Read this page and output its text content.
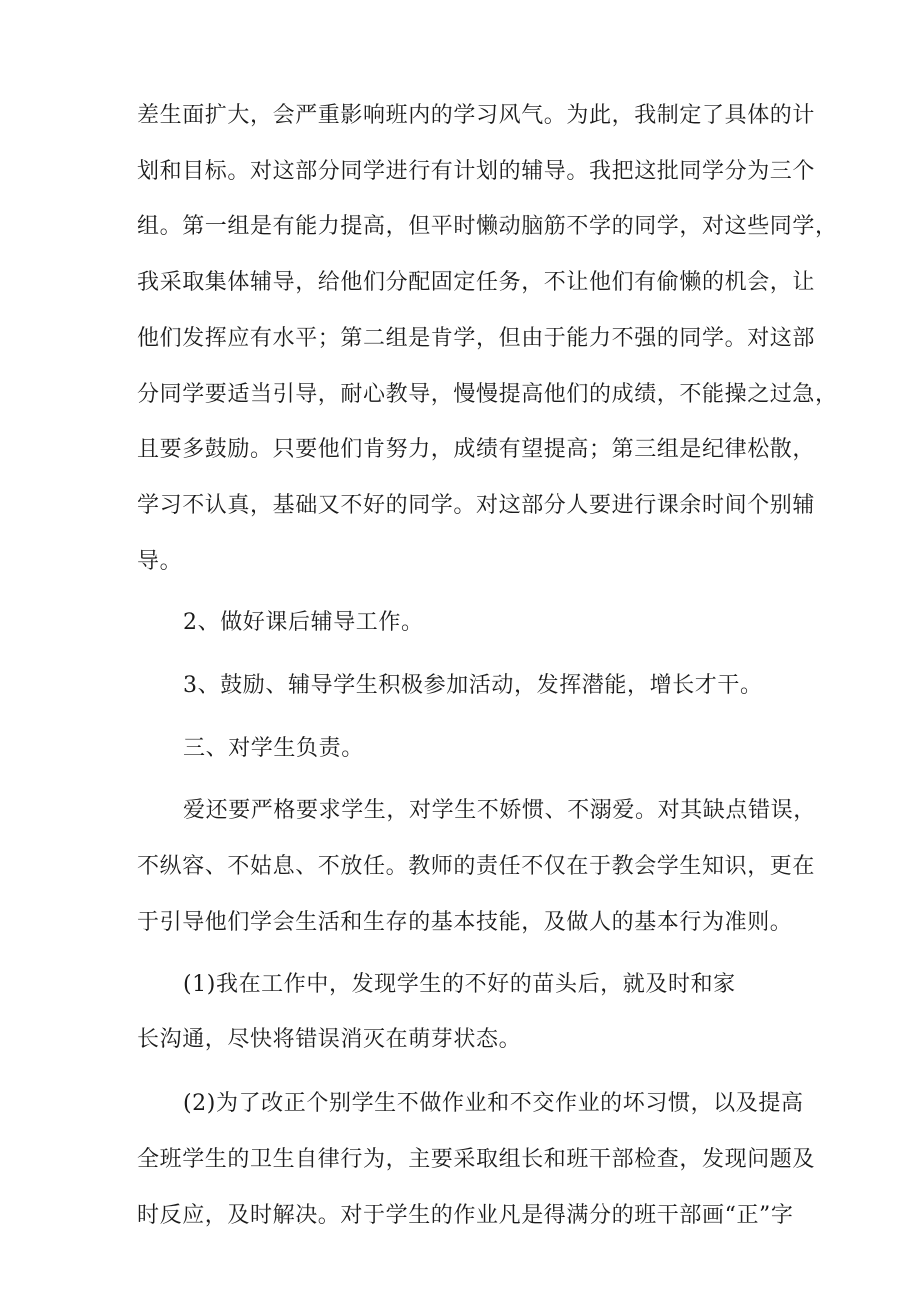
差生面扩大，会严重影响班内的学习风气。为此，我制定了具体的计
划和目标。对这部分同学进行有计划的辅导。我把这批同学分为三个
组。第一组是有能力提高，但平时懒动脑筋不学的同学，对这些同学，
我采取集体辅导，给他们分配固定任务，不让他们有偷懒的机会，让
他们发挥应有水平；第二组是肯学，但由于能力不强的同学。对这部
分同学要适当引导，耐心教导，慢慢提高他们的成绩，不能操之过急，
且要多鼓励。只要他们肯努力，成绩有望提高；第三组是纪律松散，
学习不认真，基础又不好的同学。对这部分人要进行课余时间个别辅
导。
2、做好课后辅导工作。
3、鼓励、辅导学生积极参加活动，发挥潜能，增长才干。
三、对学生负责。
爱还要严格要求学生，对学生不娇惯、不溺爱。对其缺点错误，
不纵容、不姑息、不放任。教师的责任不仅在于教会学生知识，更在
于引导他们学会生活和生存的基本技能，及做人的基本行为准则。
(1)我在工作中，发现学生的不好的苗头后，就及时和家
长沟通，尽快将错误消灭在萌芽状态。
(2)为了改正个别学生不做作业和不交作业的坏习惯，以及提高
全班学生的卫生自律行为，主要采取组长和班干部检查，发现问题及
时反应，及时解决。对于学生的作业凡是得满分的班干部画“正”字
